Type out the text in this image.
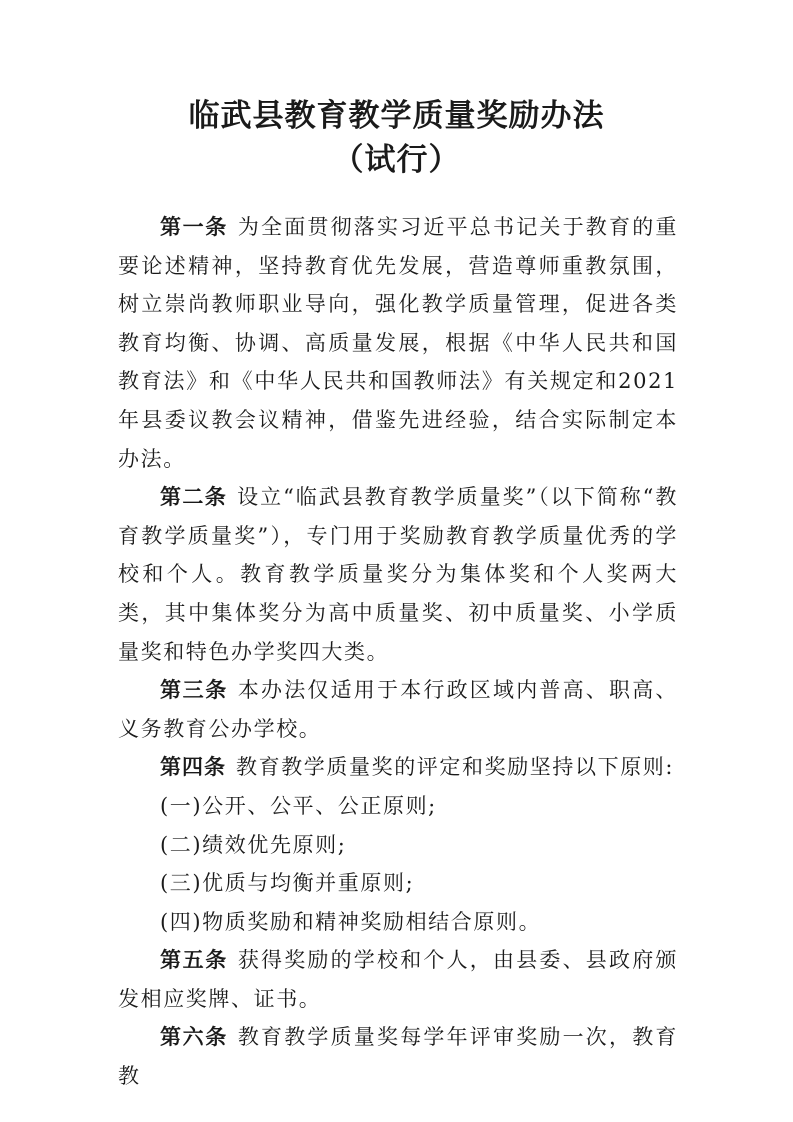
临武县教育教学质量奖励办法
（试行）

第一条 为全面贯彻落实习近平总书记关于教育的重要论述精神，坚持教育优先发展，营造尊师重教氛围，树立崇尚教师职业导向，强化教学质量管理，促进各类教育均衡、协调、高质量发展，根据《中华人民共和国教育法》和《中华人民共和国教师法》有关规定和2021年县委议教会议精神，借鉴先进经验，结合实际制定本办法。

第二条 设立“临武县教育教学质量奖”（以下简称“教育教学质量奖”），专门用于奖励教育教学质量优秀的学校和个人。教育教学质量奖分为集体奖和个人奖两大类，其中集体奖分为高中质量奖、初中质量奖、小学质量奖和特色办学奖四大类。

第三条 本办法仅适用于本行政区域内普高、职高、义务教育公办学校。

第四条 教育教学质量奖的评定和奖励坚持以下原则:

(一)公开、公平、公正原则;

(二)绩效优先原则;

(三)优质与均衡并重原则;

(四)物质奖励和精神奖励相结合原则。

第五条 获得奖励的学校和个人，由县委、县政府颁发相应奖牌、证书。

第六条 教育教学质量奖每学年评审奖励一次，教育教
